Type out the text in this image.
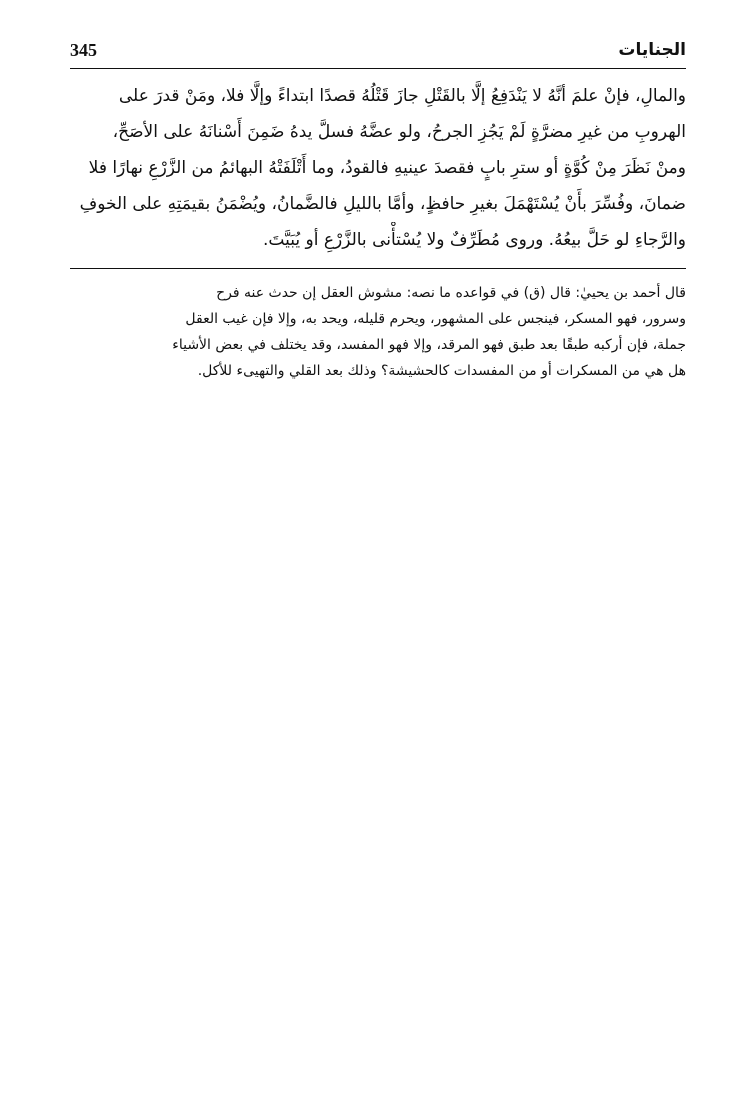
345	الجنايات
والمالِ، فإنْ علمَ أنَّهُ لا يَنْدَفِعُ إلَّا بالقَتْلِ جازَ قَتْلُهُ قصدًا ابتداءً وإلَّا فلا، ومَنْ قدرَ على
الهروبِ من غيرِ مضرَّةٍ لَمْ يَجُزِ الجرحُ، ولو عضَّهُ فسلَّ يدهُ ضَمِنَ أَسْنانَهُ على الأصَحِّ،
ومنْ نَظَرَ مِنْ كُوَّةٍ أو سترِ بابٍ فقصدَ عينيهِ فالقودُ، وما أَتْلَفَتْهُ البهائمُ من الزَّرْعِ نهارًا فلا
ضمانَ، وفُسِّرَ بأَنْ يُسْتَهْمَلَ بغيرِ حافظٍ، وأمَّا بالليلِ فالضَّمانُ، ويُضْمَنُ بقيمَتِهِ على الخوفِ
والرَّجاءِ لو حَلَّ بيعُهُ. وروى مُطَرِّفٌ ولا يُسْتأْنى بالزَّرْعِ أو يُبَيَّتَ.
قال أحمد بن يحييٰ: قال (ق) في قواعده ما نصه: مشوش العقل إن حدث عنه فرح
وسرور، فهو المسكر، فينجس على المشهور، ويحرم قليله، ويحد به، وإلا فإن غيب العقل
جملة، فإن أركبه طبقًا بعد طبق فهو المرقد، وإلا فهو المفسد، وقد يختلف في بعض الأشياء
هل هي من المسكرات أو من المفسدات كالحشيشة؟ وذلك بعد القلي والتهيىء للأكل.
